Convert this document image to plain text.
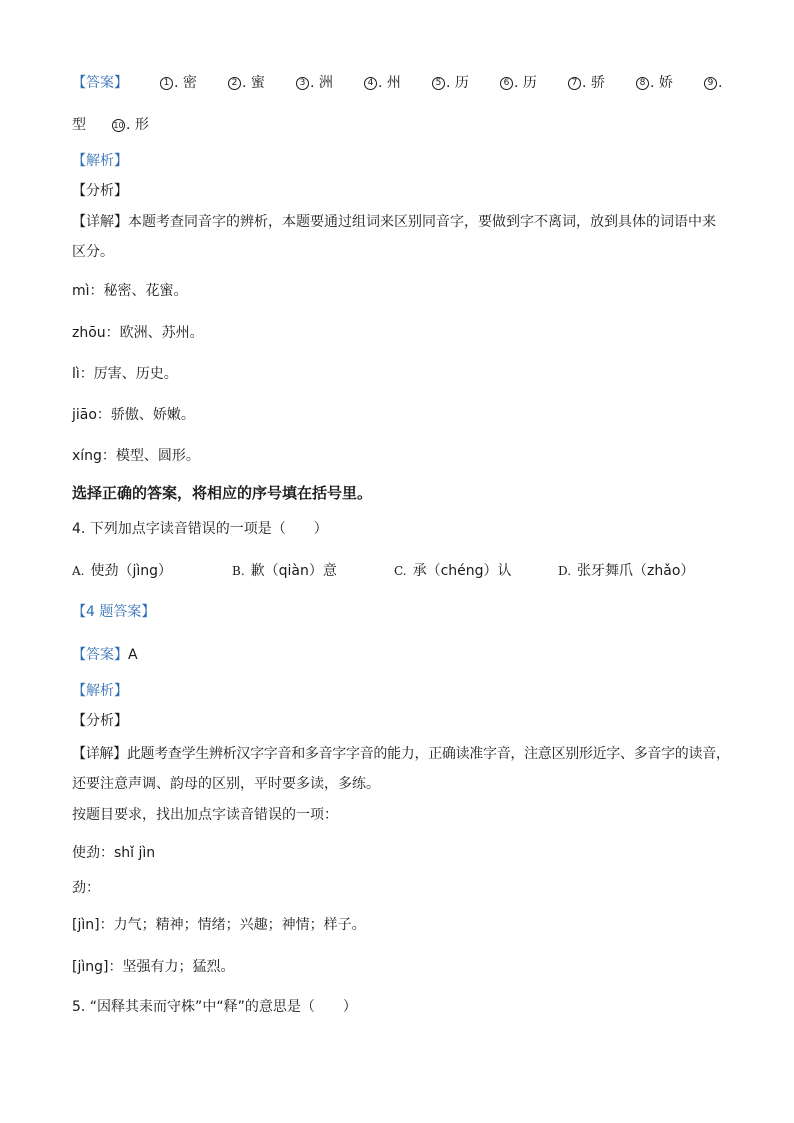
【答案】	1 . 密	2 . 蜜	3 . 洲	4 . 州	5 . 历	6 . 历	7 . 骄	8 . 娇	9 .
型	10 . 形
【解析】
【分析】
【详解】本题考查同音字的辨析，本题要通过组词来区别同音字，要做到字不离词，放到具体的词语中来
区分。
mì：秘密、花蜜。
zhōu：欧洲、苏州。
lì：厉害、历史。
jiāo：骄傲、娇嫩。
xíng：模型、圆形。
选择正确的答案，将相应的序号填在括号里。
4. 下列加点字读音错误的一项是（　　）
A. 使劲（jìng）	B. 歉（qiàn）意	C. 承（chéng）认	D. 张牙舞爪（zhǎo）
【4 题答案】
【答案】A
【解析】
【分析】
【详解】此题考查学生辨析汉字字音和多音字字音的能力，正确读准字音，注意区别形近字、多音字的读音，
还要注意声调、韵母的区别，平时要多读，多练。
按题目要求，找出加点字读音错误的一项：
使劲：shǐ jìn
劲：
[jìn]：力气；精神；情绪；兴趣；神情；样子。
[jìng]：坚强有力；猛烈。
5. “因释其耒而守株”中“释”的意思是（　　）
